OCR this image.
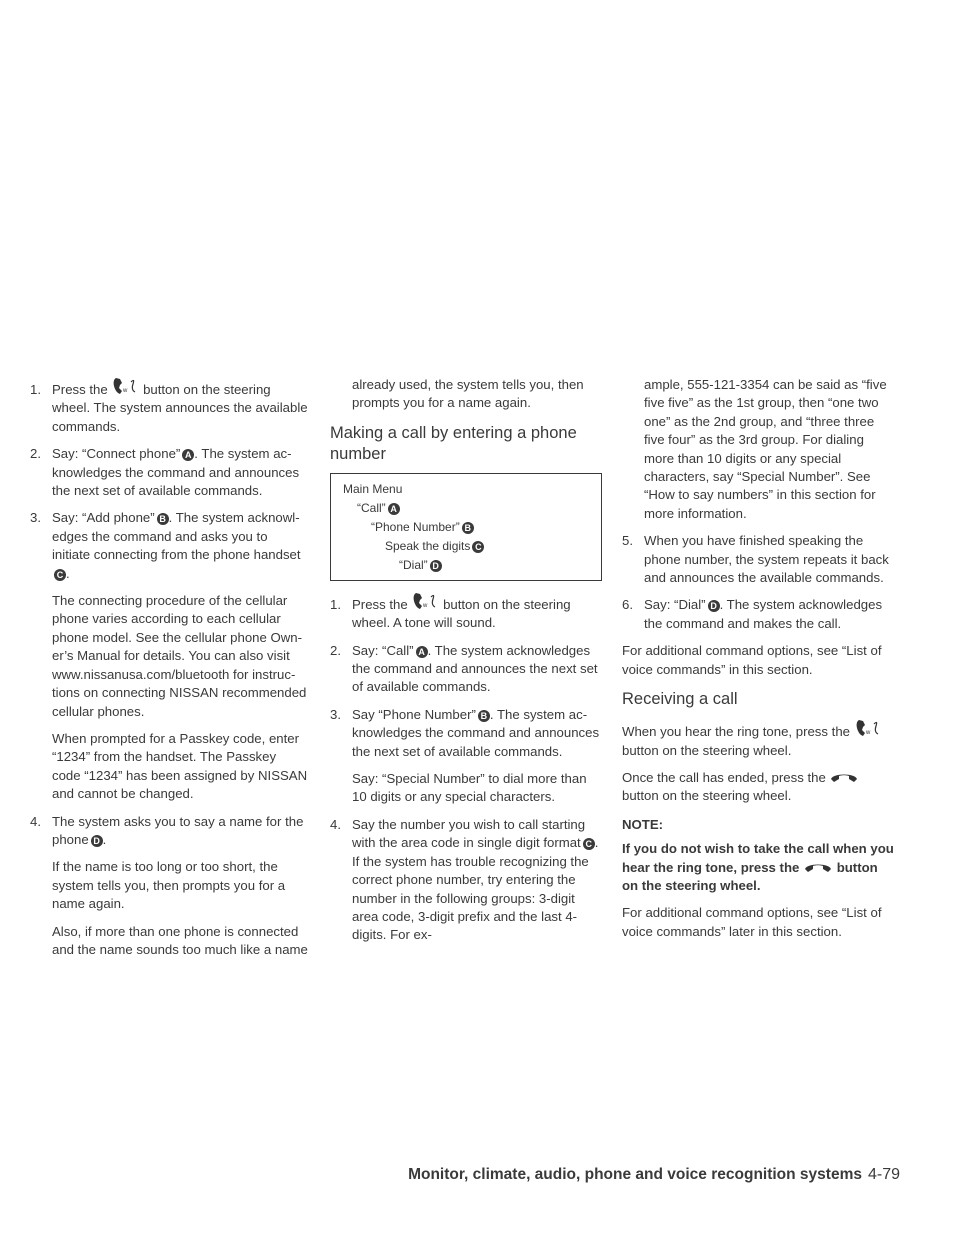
1. Press the	w button on the steering wheel. The system announces the available commands.
2. Say: “Connect phone” A . The system acknowledges the command and announces the next set of available commands.
3. Say: “Add phone” B . The system acknowledges the command and asks you to initiate connecting from the phone handsetC .

The connecting procedure of the cellular phone varies according to each cellular phone model. See the cellular phone Owner’s Manual for details. You can also visit www.nissanusa.com/bluetooth for instructions on connecting NISSAN recommended cellular phones.

When prompted for a Passkey code, enter “1234” from the handset. The Passkey code “1234” has been assigned by NISSAN and cannot be changed.

4. The system asks you to say a name for the phone D .

If the name is too long or too short, the system tells you, then prompts you for a name again.

Also, if more than one phone is connected and the name sounds too much like a name

already used, the system tells you, then prompts you for a name again.

Making a call by entering a phone number
Main Menu
“Call” A
“Phone Number” B
Speak the digits C
“Dial” D
1. Press the	w button on the steering wheel. A tone will sound.
2. Say: “Call” A . The system acknowledges the command and announces the next set of available commands.
3. Say “Phone Number” B . The system acknowledges the command and announces the next set of available commands.

Say: “Special Number” to dial more than 10 digits or any special characters.

4. Say the number you wish to call starting with the area code in single digit format C . If the system has trouble recognizing the correct phone number, try entering the number in the following groups: 3-digit area code, 3-digit prefix and the last 4-digits. For ex-

ample, 555-121-3354 can be said as “five five five” as the 1st group, then “one two one” as the 2nd group, and “three three five four” as the 3rd group. For dialing more than 10 digits or any special characters, say “Special Number”. See “How to say numbers” in this section for more information.

5. When you have finished speaking the phone number, the system repeats it back and announces the available commands.
6. Say: “Dial” D . The system acknowledges the command and makes the call.

For additional command options, see “List of voice commands” in this section.

Receiving a call

When you hear the ring tone, press the	w
button on the steering wheel.

Once the call has ended, press the  button on the steering wheel.

NOTE:

If you do not wish to take the call when you hear the ring tone, press the	button on the steering wheel.

For additional command options, see “List of voice commands” later in this section.

Monitor, climate, audio, phone and voice recognition systems 4-79
